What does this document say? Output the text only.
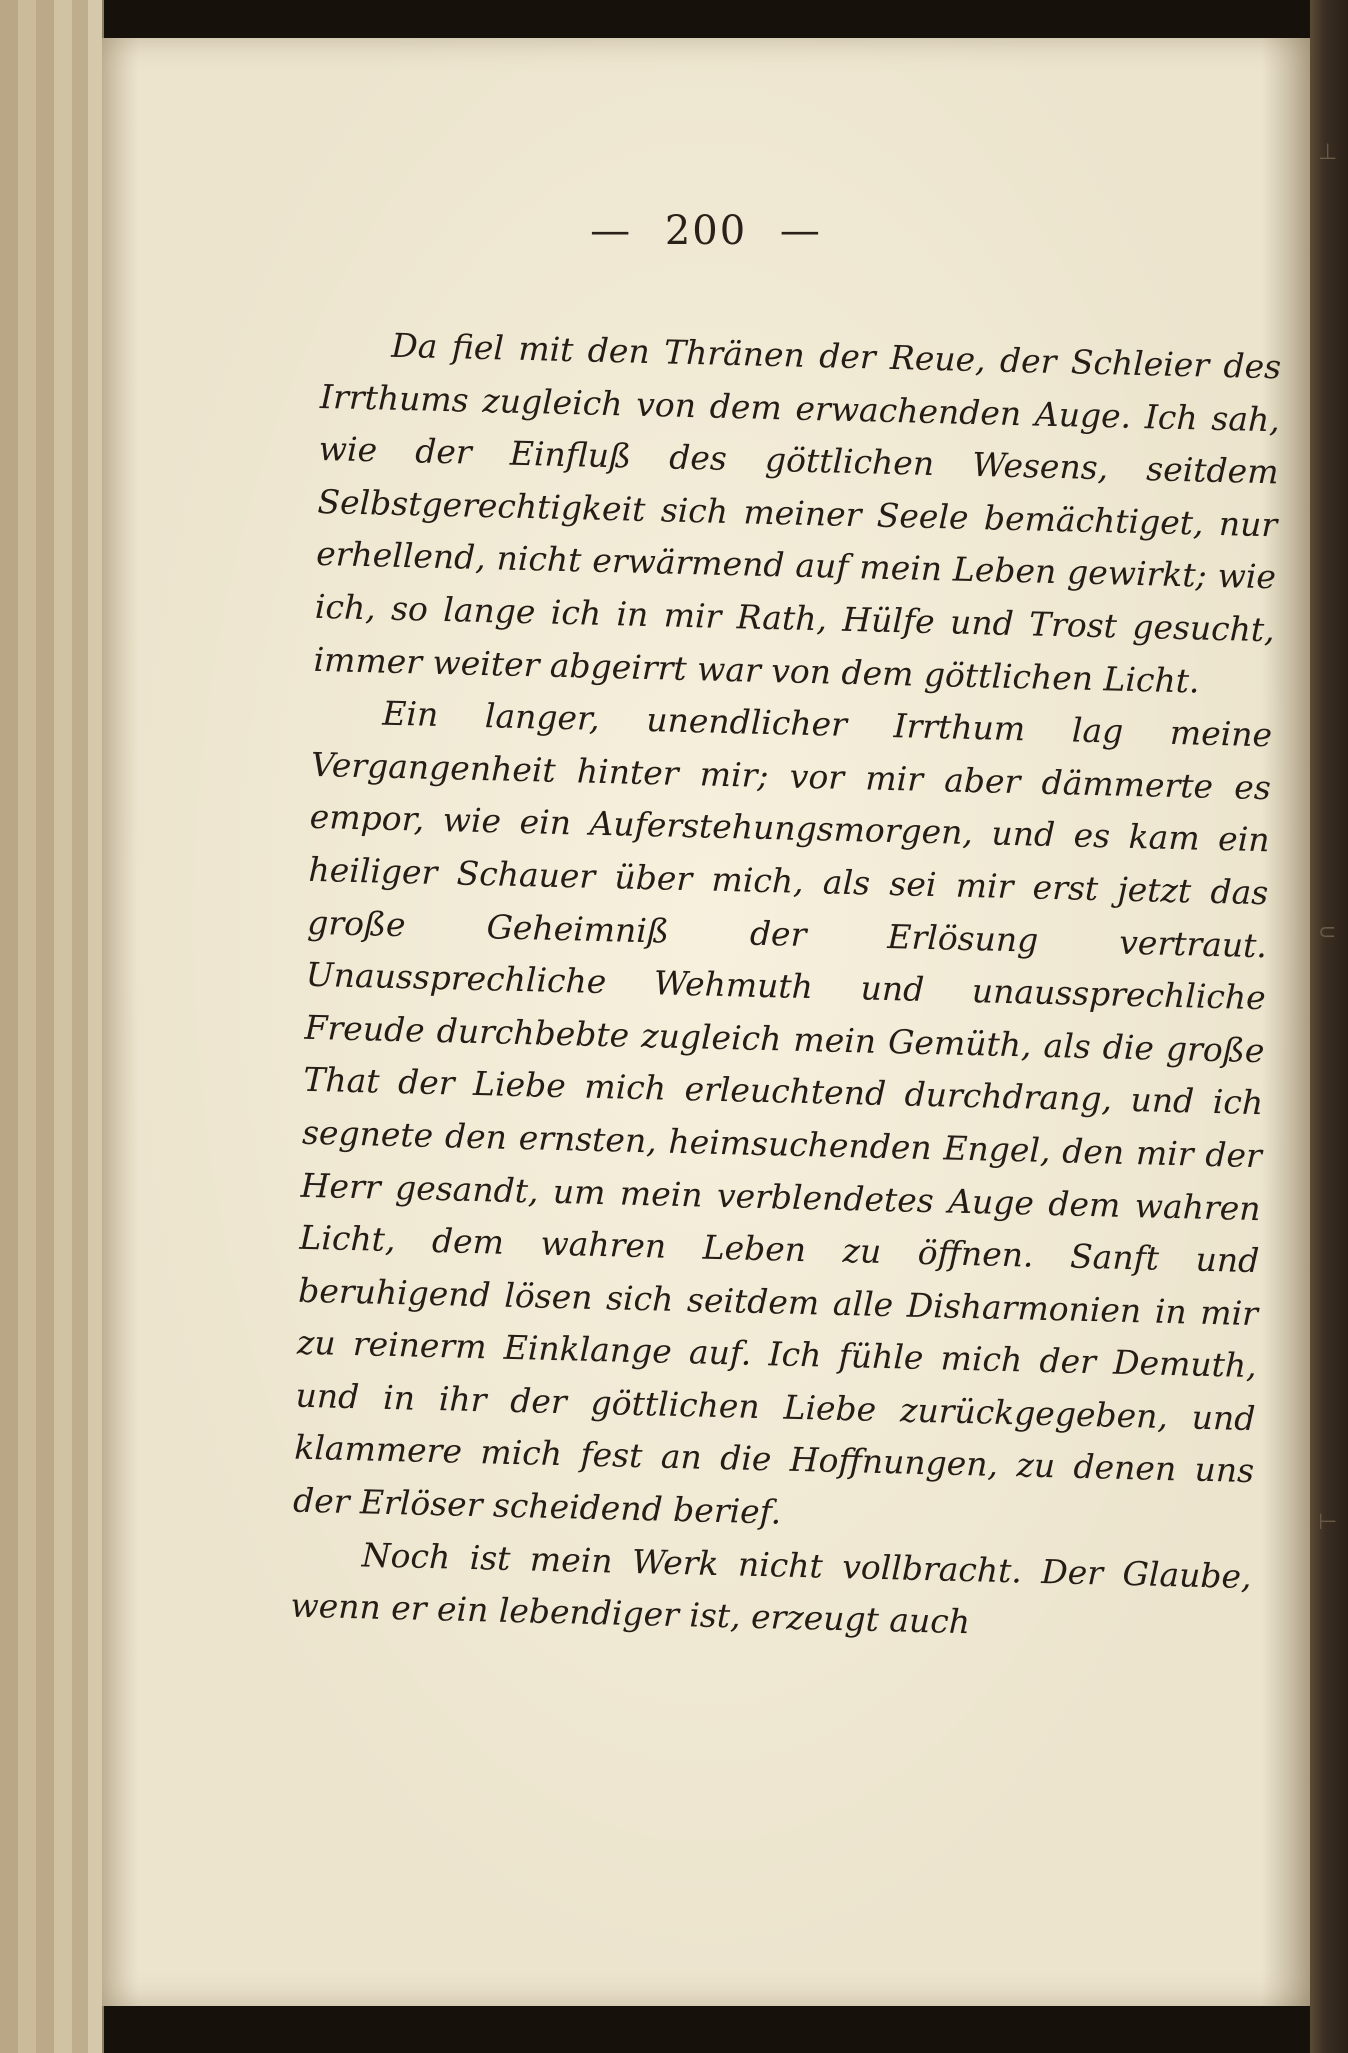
— 200 —

Da fiel mit den Thränen der Reue, der Schleier des Irrthums zugleich von dem erwachenden Auge. Ich sah, wie der Einfluß des göttlichen Wesens, seitdem Selbstgerechtigkeit sich meiner Seele bemächtiget, nur erhellend, nicht erwärmend auf mein Leben gewirkt; wie ich, so lange ich in mir Rath, Hülfe und Trost gesucht, immer weiter abgeirrt war von dem göttlichen Licht.

Ein langer, unendlicher Irrthum lag meine Vergangenheit hinter mir; vor mir aber dämmerte es empor, wie ein Auferstehungsmorgen, und es kam ein heiliger Schauer über mich, als sei mir erst jetzt das große Geheimniß der Erlösung vertraut. Unaussprechliche Wehmuth und unaussprechliche Freude durchbebte zugleich mein Gemüth, als die große That der Liebe mich erleuchtend durchdrang, und ich segnete den ernsten, heimsuchenden Engel, den mir der Herr gesandt, um mein verblendetes Auge dem wahren Licht, dem wahren Leben zu öffnen. Sanft und beruhigend lösen sich seitdem alle Disharmonien in mir zu reinerm Einklange auf. Ich fühle mich der Demuth, und in ihr der göttlichen Liebe zurückgegeben, und klammere mich fest an die Hoffnungen, zu denen uns der Erlöser scheidend berief.

Noch ist mein Werk nicht vollbracht. Der Glaube, wenn er ein lebendiger ist, erzeugt auch

⊥
⊂
⊢
